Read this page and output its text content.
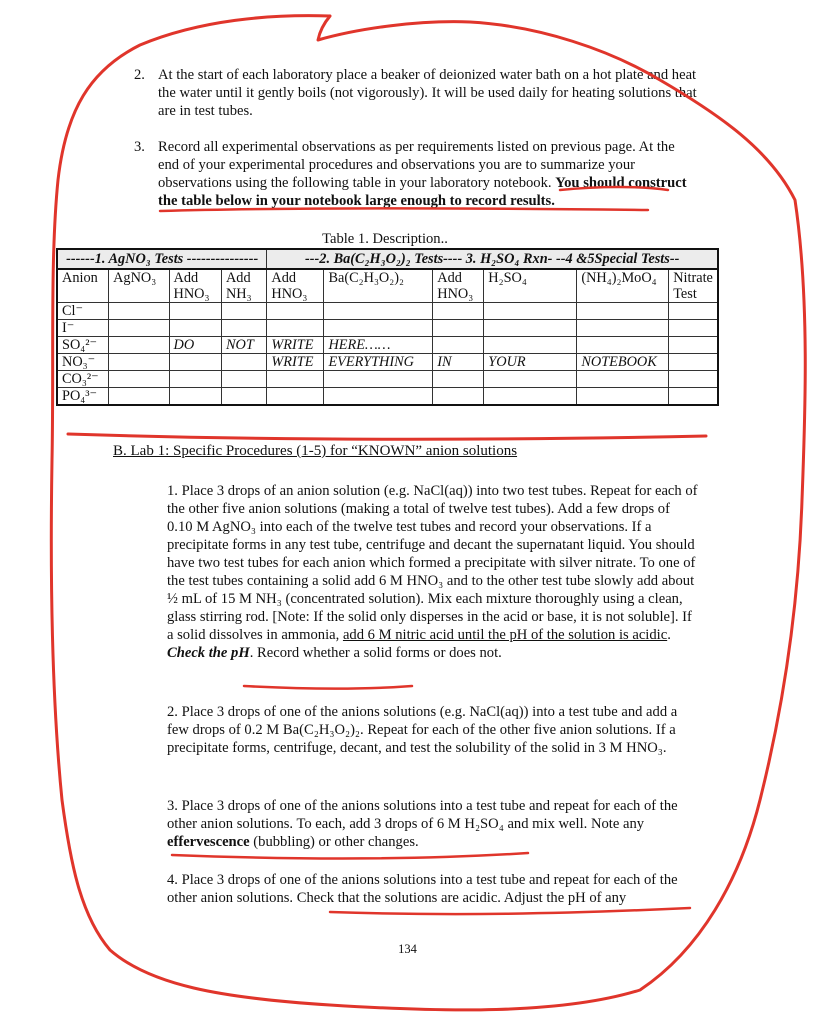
2. At the start of each laboratory place a beaker of deionized water bath on a hot plate and heat the water until it gently boils (not vigorously). It will be used daily for heating solutions that are in test tubes.

3. Record all experimental observations as per requirements listed on previous page. At the end of your experimental procedures and observations you are to summarize your observations using the following table in your laboratory notebook. You should construct the table below in your notebook large enough to record results.

Table 1. Description..
------1. AgNO₃ Tests ---------------				---2. Ba(C₂H₃O₂)₂ Tests---- 3. H₂SO₄ Rxn- --4 &5Special Tests--					
Anion	AgNO₃	Add HNO₃	Add NH₃	Add HNO₃	Ba(C₂H₃O₂)₂	Add HNO₃	H₂SO₄	(NH₄)₂MoO₄	Nitrate Test
Cl⁻									
I⁻									
SO₄²⁻		DO	NOT	WRITE	HERE……				
NO₃⁻				WRITE	EVERYTHING	IN	YOUR	NOTEBOOK	
CO₃²⁻									
PO₄³⁻									
B. Lab 1: Specific Procedures (1-5) for “KNOWN” anion solutions

1. Place 3 drops of an anion solution (e.g. NaCl(aq)) into two test tubes. Repeat for each of the other five anion solutions (making a total of twelve test tubes). Add a few drops of 0.10 M AgNO₃ into each of the twelve test tubes and record your observations. If a precipitate forms in any test tube, centrifuge and decant the supernatant liquid. You should have two test tubes for each anion which formed a precipitate with silver nitrate. To one of the test tubes containing a solid add 6 M HNO₃ and to the other test tube slowly add about ½ mL of 15 M NH₃ (concentrated solution). Mix each mixture thoroughly using a clean, glass stirring rod. [Note: If the solid only disperses in the acid or base, it is not soluble]. If a solid dissolves in ammonia, add 6 M nitric acid until the pH of the solution is acidic. Check the pH. Record whether a solid forms or does not.

2. Place 3 drops of one of the anions solutions (e.g. NaCl(aq)) into a test tube and add a few drops of 0.2 M Ba(C₂H₃O₂)₂. Repeat for each of the other five anion solutions. If a precipitate forms, centrifuge, decant, and test the solubility of the solid in 3 M HNO₃.

3. Place 3 drops of one of the anions solutions into a test tube and repeat for each of the other anion solutions. To each, add 3 drops of 6 M H₂SO₄ and mix well. Note any effervescence (bubbling) or other changes.

4. Place 3 drops of one of the anions solutions into a test tube and repeat for each of the other anion solutions. Check that the solutions are acidic. Adjust the pH of any

134
